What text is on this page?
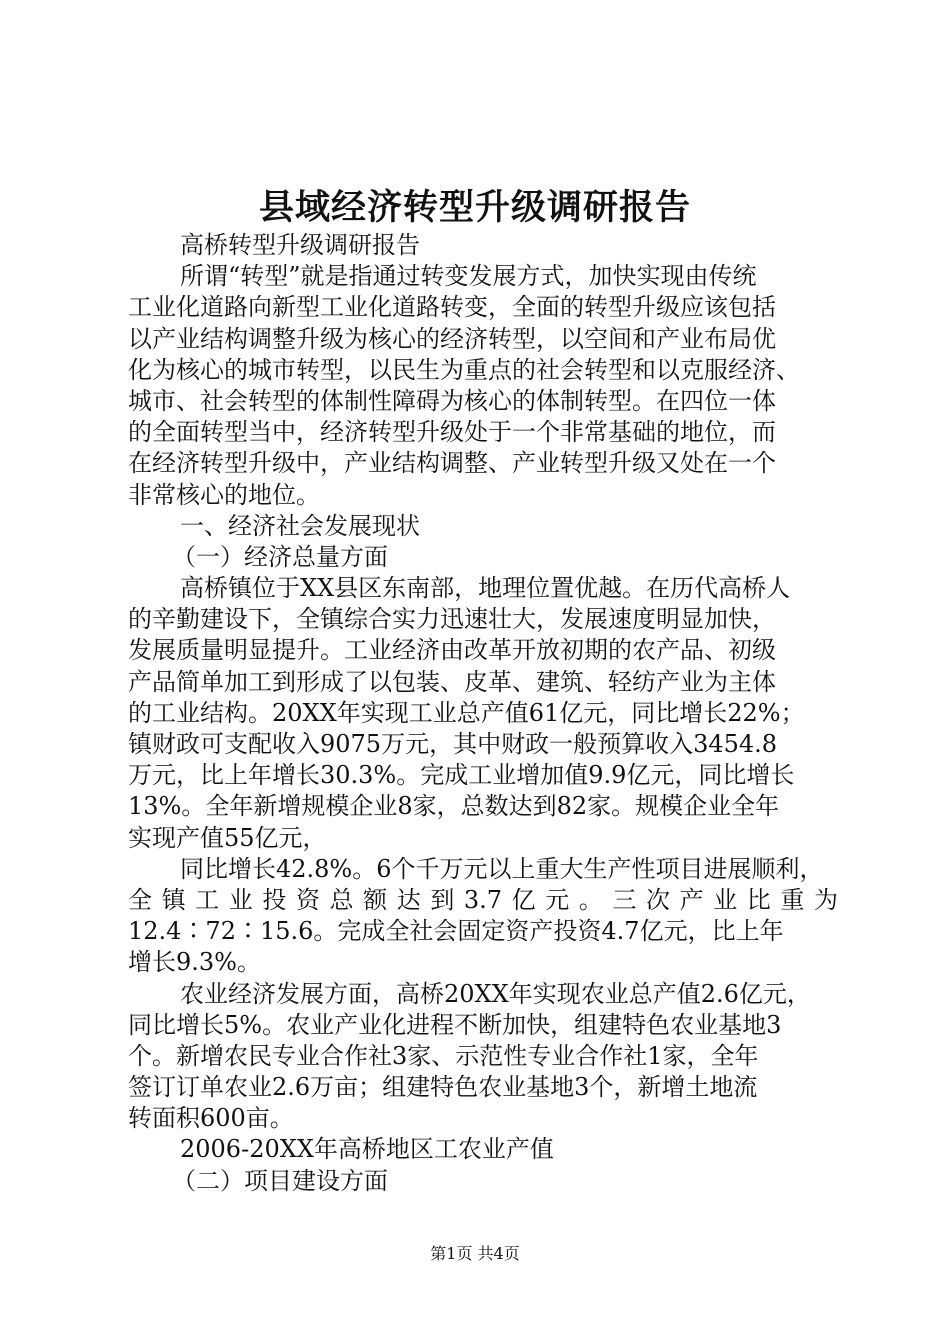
县域经济转型升级调研报告
高桥转型升级调研报告
所谓“转型”就是指通过转变发展方式，加快实现由传统
工业化道路向新型工业化道路转变，全面的转型升级应该包括
以产业结构调整升级为核心的经济转型，以空间和产业布局优
化为核心的城市转型，以民生为重点的社会转型和以克服经济、
城市、社会转型的体制性障碍为核心的体制转型。在四位一体
的全面转型当中，经济转型升级处于一个非常基础的地位，而
在经济转型升级中，产业结构调整、产业转型升级又处在一个
非常核心的地位。
一、经济社会发展现状
（一）经济总量方面
高桥镇位于XX县区东南部，地理位置优越。在历代高桥人
的辛勤建设下，全镇综合实力迅速壮大，发展速度明显加快，
发展质量明显提升。工业经济由改革开放初期的农产品、初级
产品简单加工到形成了以包装、皮革、建筑、轻纺产业为主体
的工业结构。20XX年实现工业总产值61亿元，同比增长22%；
镇财政可支配收入9075万元，其中财政一般预算收入3454.8
万元，比上年增长30.3%。完成工业增加值9.9亿元，同比增长
13%。全年新增规模企业8家，总数达到82家。规模企业全年
实现产值55亿元，
同比增长42.8%。6个千万元以上重大生产性项目进展顺利，
全镇工业投资总额达到3.7亿元。三次产业比重为
12.4∶72∶15.6。完成全社会固定资产投资4.7亿元，比上年
增长9.3%。
农业经济发展方面，高桥20XX年实现农业总产值2.6亿元，
同比增长5%。农业产业化进程不断加快，组建特色农业基地3
个。新增农民专业合作社3家、示范性专业合作社1家，全年
签订订单农业2.6万亩；组建特色农业基地3个，新增土地流
转面积600亩。
2006-20XX年高桥地区工农业产值
（二）项目建设方面
第1页 共4页
